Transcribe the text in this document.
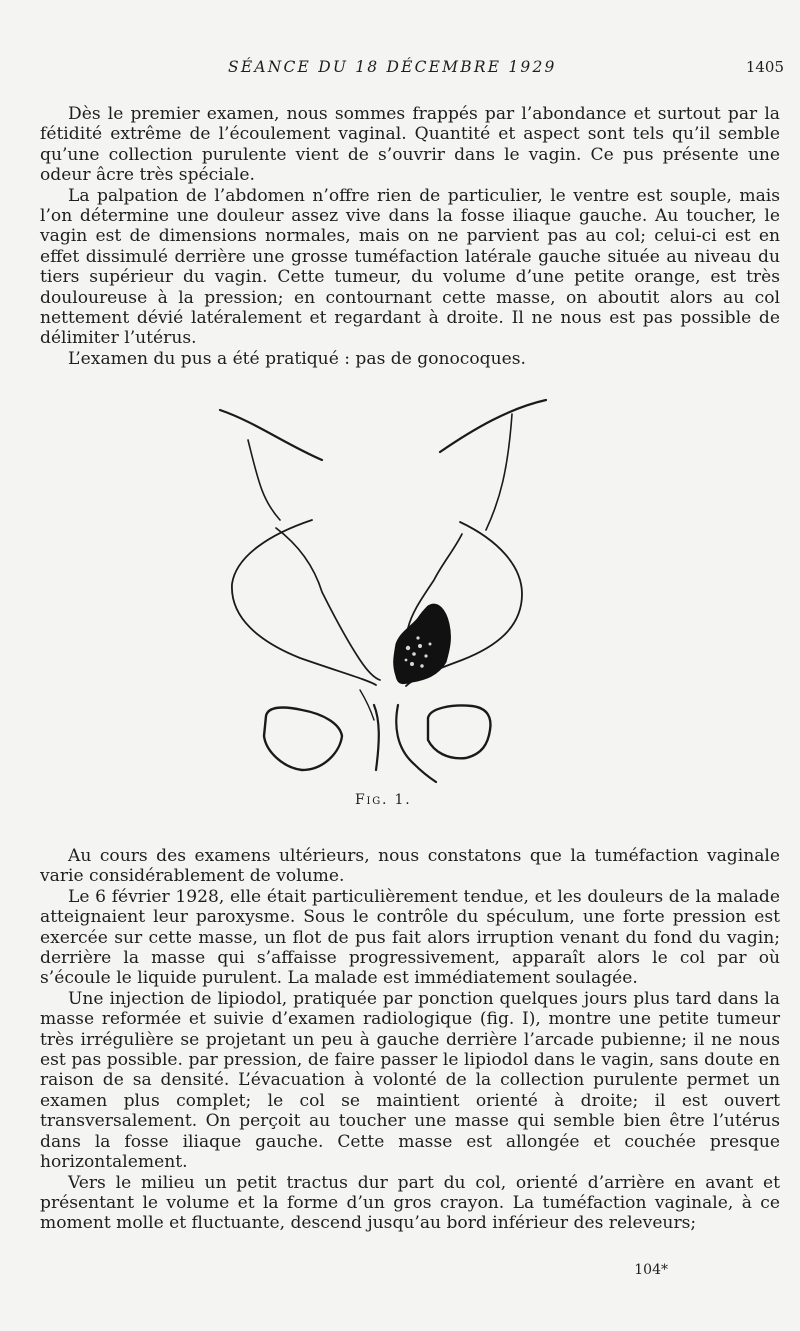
SÉANCE DU 18 DÉCEMBRE 1929	1405

Dès le premier examen, nous sommes frappés par l’abondance et surtout par la fétidité extrême de l’écoulement vaginal. Quantité et aspect sont tels qu’il semble qu’une collection purulente vient de s’ouvrir dans le vagin. Ce pus présente une odeur âcre très spéciale.

La palpation de l’abdomen n’offre rien de particulier, le ventre est souple, mais l’on détermine une douleur assez vive dans la fosse iliaque gauche. Au toucher, le vagin est de dimensions normales, mais on ne parvient pas au col; celui-ci est en effet dissimulé derrière une grosse tuméfaction latérale gauche située au niveau du tiers supérieur du vagin. Cette tumeur, du volume d’une petite orange, est très douloureuse à la pression; en contournant cette masse, on aboutit alors au col nettement dévié latéralement et regardant à droite. Il ne nous est pas possible de délimiter l’utérus.

L’examen du pus a été pratiqué : pas de gonocoques.

Fig. 1.

Au cours des examens ultérieurs, nous constatons que la tuméfaction vaginale varie considérablement de volume.

Le 6 février 1928, elle était particulièrement tendue, et les douleurs de la malade atteignaient leur paroxysme. Sous le contrôle du spéculum, une forte pression est exercée sur cette masse, un flot de pus fait alors irruption venant du fond du vagin; derrière la masse qui s’affaisse progressivement, apparaît alors le col par où s’écoule le liquide purulent. La malade est immédiatement soulagée.

Une injection de lipiodol, pratiquée par ponction quelques jours plus tard dans la masse reformée et suivie d’examen radiologique (fig. I), montre une petite tumeur très irrégulière se projetant un peu à gauche derrière l’arcade pubienne; il ne nous est pas possible. par pression, de faire passer le lipiodol dans le vagin, sans doute en raison de sa densité. L’évacuation à volonté de la collection purulente permet un examen plus complet; le col se maintient orienté à droite; il est ouvert transversalement. On perçoit au toucher une masse qui semble bien être l’utérus dans la fosse iliaque gauche. Cette masse est allongée et couchée presque horizontalement.

Vers le milieu un petit tractus dur part du col, orienté d’arrière en avant et présentant le volume et la forme d’un gros crayon. La tuméfaction vaginale, à ce moment molle et fluctuante, descend jusqu’au bord inférieur des releveurs;

104*
